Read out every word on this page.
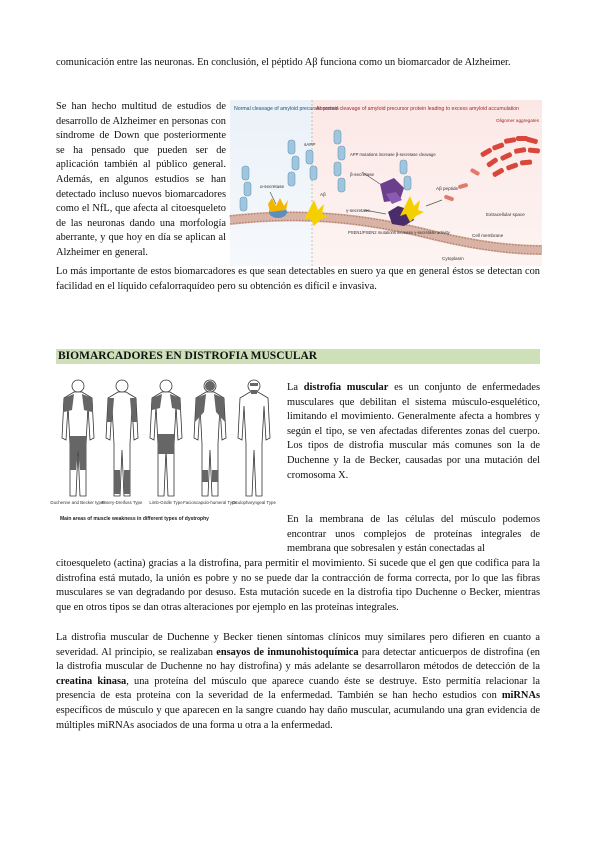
comunicación entre las neuronas. En conclusión, el péptido Aβ funciona como un biomarcador de Alzheimer.

Se han hecho multitud de estudios de desarrollo de Alzheimer en personas con síndrome de Down que posteriormente se ha pensado que pueden ser de aplicación también al público general. Además, en algunos estudios se han detectado incluso nuevos biomarcadores como el NfL, que afecta al citoesqueleto de las neuronas dando una morfología aberrante, y que hoy en día se aplican al Alzheimer en general.

Normal cleavage of amyloid precursor protein
Abnormal cleavage of amyloid precursor protein leading to excess amyloid accumulation
α-secretase
sAPP
APP mutations increase β-secretase cleavage
β-secretase
γ-secretase
PSEN1/PSEN2 mutations increase γ-secretase activity
Aβ peptide
Oligomer aggregates
Extracellular space
Cell membrane
Cytoplasm
Aβ

Lo más importante de estos biomarcadores es que sean detectables en suero ya que en general éstos se detectan con facilidad en el líquido cefalorraquídeo pero su obtención es difícil e invasiva.

BIOMARCADORES EN DISTROFIA MUSCULAR
Duchenne and Becker types
Emery-Dreifuss Type Limb-Girdle Type Facioscapulo-humeral Type
Oculopharyngeal Type
Main areas of muscle weakness in different types of dystrophy

La distrofia muscular es un conjunto de enfermedades musculares que debilitan el sistema músculo-esquelético, limitando el movimiento. Generalmente afecta a hombres y según el tipo, se ven afectadas diferentes zonas del cuerpo. Los tipos de distrofia muscular más comunes son la de Duchenne y la de Becker, causadas por una mutación del cromosoma X.

En la membrana de las células del músculo podemos encontrar unos complejos de proteínas integrales de membrana que sobresalen y están conectadas al

citoesqueleto (actina) gracias a la distrofina, para permitir el movimiento. Si sucede que el gen que codifica para la distrofina está mutado, la unión es pobre y no se puede dar la contracción de forma correcta, por lo que las fibras musculares se van degradando por desuso. Esta mutación sucede en la distrofia tipo Duchenne o Becker, mientras que en otros tipos se dan otras alteraciones por ejemplo en las proteínas integrales.

La distrofia muscular de Duchenne y Becker tienen síntomas clínicos muy similares pero difieren en cuanto a severidad. Al principio, se realizaban ensayos de inmunohistoquímica para detectar anticuerpos de distrofina (en la distrofia muscular de Duchenne no hay distrofina) y más adelante se desarrollaron métodos de detección de la creatina kinasa, una proteína del músculo que aparece cuando éste se destruye. Esto permitía relacionar la presencia de esta proteína con la severidad de la enfermedad. También se han hecho estudios con miRNAs específicos de músculo y que aparecen en la sangre cuando hay daño muscular, acumulando una gran evidencia de múltiples miRNAs asociados de una forma u otra a la enfermedad.
